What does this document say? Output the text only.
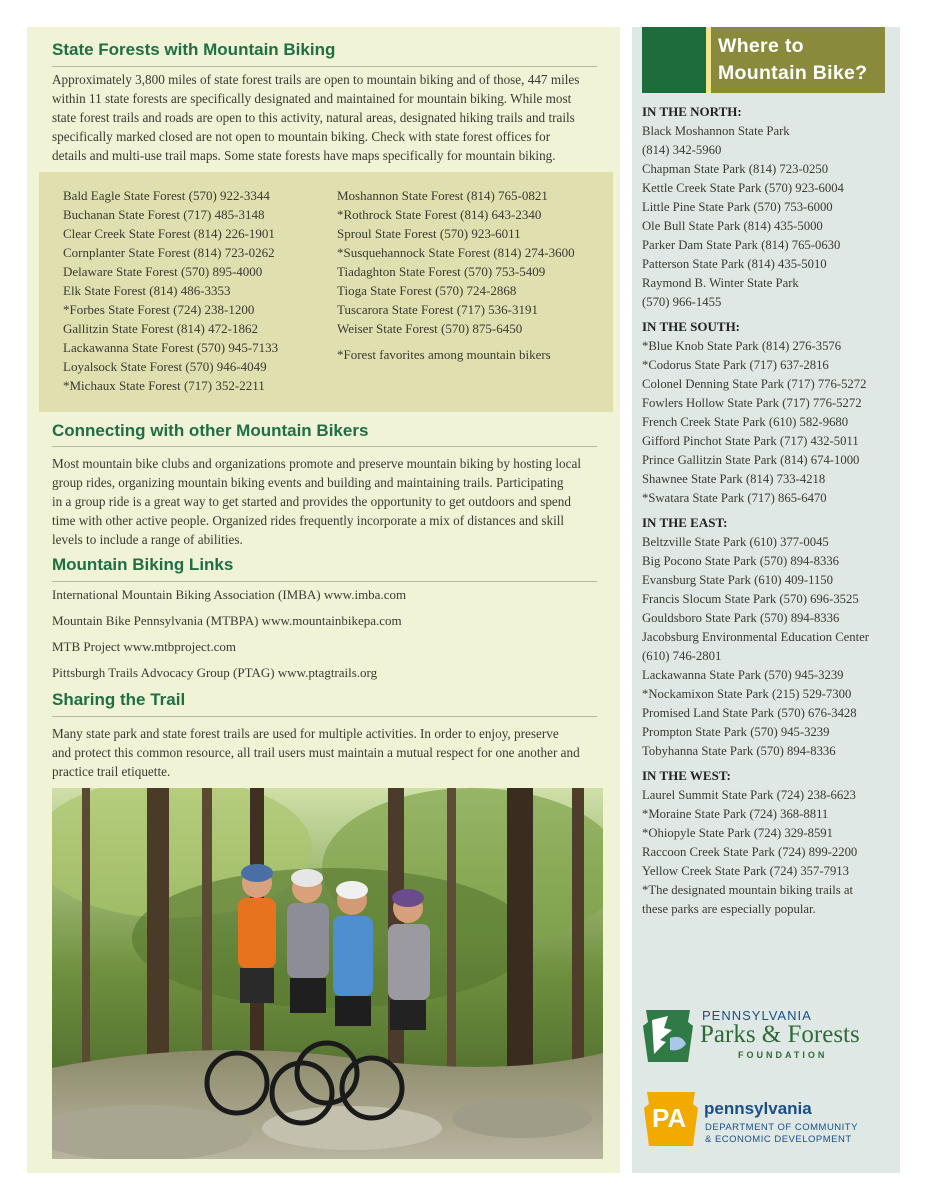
State Forests with Mountain Biking
Approximately 3,800 miles of state forest trails are open to mountain biking and of those, 447 miles
within 11 state forests are specifically designated and maintained for mountain biking. While most
state forest trails and roads are open to this activity, natural areas, designated hiking trails and trails
specifically marked closed are not open to mountain biking. Check with state forest offices for
details and multi-use trail maps. Some state forests have maps specifically for mountain biking.
Bald Eagle State Forest (570) 922-3344
Buchanan State Forest (717) 485-3148
Clear Creek State Forest (814) 226-1901
Cornplanter State Forest (814) 723-0262
Delaware State Forest (570) 895-4000
Elk State Forest (814) 486-3353
*Forbes State Forest (724) 238-1200
Gallitzin State Forest (814) 472-1862
Lackawanna State Forest (570) 945-7133
Loyalsock State Forest (570) 946-4049
*Michaux State Forest (717) 352-2211
Moshannon State Forest (814) 765-0821
*Rothrock State Forest (814) 643-2340
Sproul State Forest (570) 923-6011
*Susquehannock State Forest (814) 274-3600
Tiadaghton State Forest (570) 753-5409
Tioga State Forest (570) 724-2868
Tuscarora State Forest (717) 536-3191
Weiser State Forest (570) 875-6450
*Forest favorites among mountain bikers
Connecting with other Mountain Bikers
Most mountain bike clubs and organizations promote and preserve mountain biking by hosting local
group rides, organizing mountain biking events and building and maintaining trails. Participating
in a group ride is a great way to get started and provides the opportunity to get outdoors and spend
time with other active people. Organized rides frequently incorporate a mix of distances and skill
levels to include a range of abilities.
Mountain Biking Links
International Mountain Biking Association (IMBA) www.imba.com
Mountain Bike Pennsylvania (MTBPA) www.mountainbikepa.com
MTB Project www.mtbproject.com
Pittsburgh Trails Advocacy Group (PTAG) www.ptagtrails.org
Sharing the Trail
Many state park and state forest trails are used for multiple activities. In order to enjoy, preserve
and protect this common resource, all trail users must maintain a mutual respect for one another and
practice trail etiquette.
Where to
Mountain Bike?
IN THE NORTH:
Black Moshannon State Park
(814) 342-5960
Chapman State Park (814) 723-0250
Kettle Creek State Park (570) 923-6004
Little Pine State Park (570) 753-6000
Ole Bull State Park (814) 435-5000
Parker Dam State Park (814) 765-0630
Patterson State Park (814) 435-5010
Raymond B. Winter State Park
(570) 966-1455
IN THE SOUTH:
*Blue Knob State Park (814) 276-3576
*Codorus State Park (717) 637-2816
Colonel Denning State Park (717) 776-5272
Fowlers Hollow State Park (717) 776-5272
French Creek State Park (610) 582-9680
Gifford Pinchot State Park (717) 432-5011
Prince Gallitzin State Park (814) 674-1000
Shawnee State Park (814) 733-4218
*Swatara State Park (717) 865-6470
IN THE EAST:
Beltzville State Park (610) 377-0045
Big Pocono State Park (570) 894-8336
Evansburg State Park (610) 409-1150
Francis Slocum State Park (570) 696-3525
Gouldsboro State Park (570) 894-8336
Jacobsburg Environmental Education Center
(610) 746-2801
Lackawanna State Park (570) 945-3239
*Nockamixon State Park (215) 529-7300
Promised Land State Park (570) 676-3428
Prompton State Park (570) 945-3239
Tobyhanna State Park (570) 894-8336
IN THE WEST:
Laurel Summit State Park (724) 238-6623
*Moraine State Park (724) 368-8811
*Ohiopyle State Park (724) 329-8591
Raccoon Creek State Park (724) 899-2200
Yellow Creek State Park (724) 357-7913
*The designated mountain biking trails at
these parks are especially popular.
PENNSYLVANIA
Parks & Forests
FOUNDATION
PA pennsylvania
DEPARTMENT OF COMMUNITY
& ECONOMIC DEVELOPMENT
